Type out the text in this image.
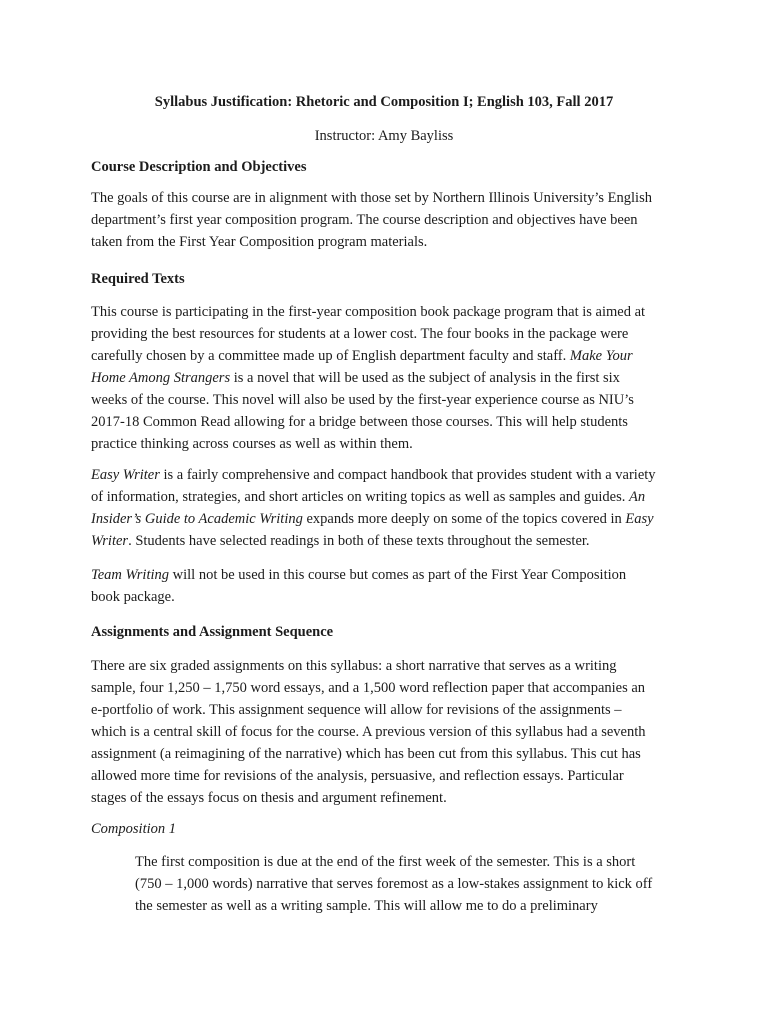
Syllabus Justification: Rhetoric and Composition I; English 103, Fall 2017
Instructor: Amy Bayliss
Course Description and Objectives
The goals of this course are in alignment with those set by Northern Illinois University’s English
department’s first year composition program. The course description and objectives have been
taken from the First Year Composition program materials.
Required Texts
This course is participating in the first-year composition book package program that is aimed at
providing the best resources for students at a lower cost. The four books in the package were
carefully chosen by a committee made up of English department faculty and staff. Make Your
Home Among Strangers is a novel that will be used as the subject of analysis in the first six
weeks of the course. This novel will also be used by the first-year experience course as NIU’s
2017-18 Common Read allowing for a bridge between those courses. This will help students
practice thinking across courses as well as within them.
Easy Writer is a fairly comprehensive and compact handbook that provides student with a variety
of information, strategies, and short articles on writing topics as well as samples and guides. An
Insider’s Guide to Academic Writing expands more deeply on some of the topics covered in Easy
Writer. Students have selected readings in both of these texts throughout the semester.
Team Writing will not be used in this course but comes as part of the First Year Composition
book package.
Assignments and Assignment Sequence
There are six graded assignments on this syllabus: a short narrative that serves as a writing
sample, four 1,250 – 1,750 word essays, and a 1,500 word reflection paper that accompanies an
e-portfolio of work. This assignment sequence will allow for revisions of the assignments –
which is a central skill of focus for the course. A previous version of this syllabus had a seventh
assignment (a reimagining of the narrative) which has been cut from this syllabus. This cut has
allowed more time for revisions of the analysis, persuasive, and reflection essays. Particular
stages of the essays focus on thesis and argument refinement.
Composition 1
The first composition is due at the end of the first week of the semester. This is a short
(750 – 1,000 words) narrative that serves foremost as a low-stakes assignment to kick off
the semester as well as a writing sample. This will allow me to do a preliminary
